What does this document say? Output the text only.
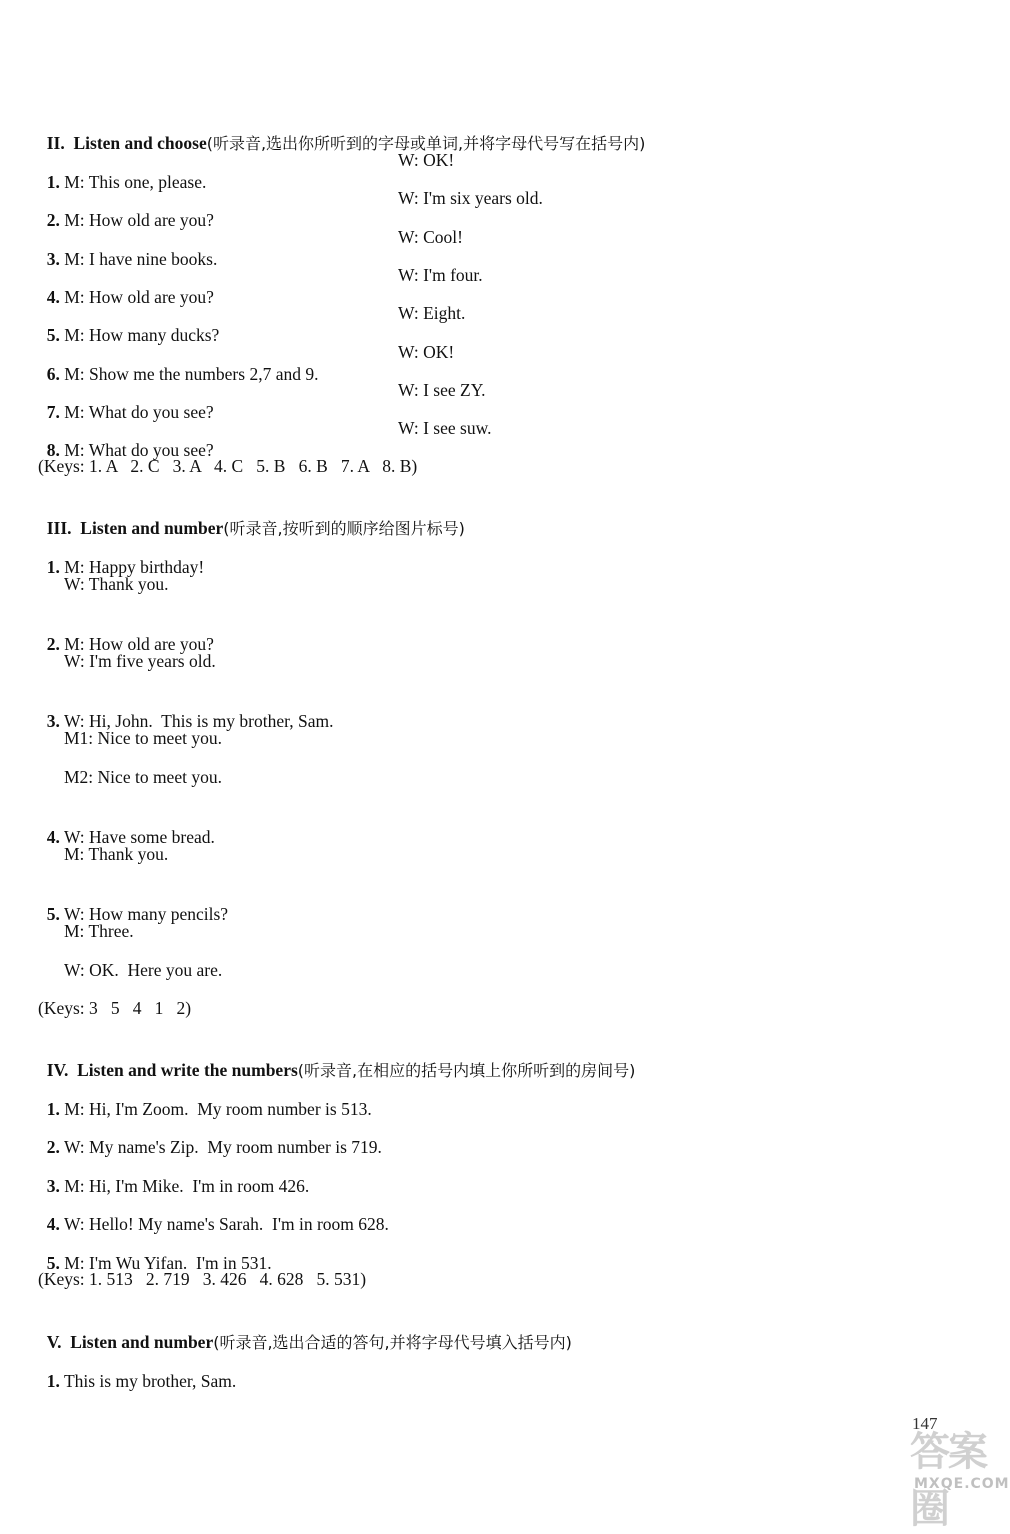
II.  Listen and choose(听录音,选出你所听到的字母或单词,并将字母代号写在括号内)

1. M: This one, please.

W: OK!

2. M: How old are you?

W: I'm six years old.

3. M: I have nine books.

W: Cool!

4. M: How old are you?

W: I'm four.

5. M: How many ducks?

W: Eight.

6. M: Show me the numbers 2,7 and 9.

W: OK!

7. M: What do you see?

W: I see ZY.

8. M: What do you see?

W: I see suw.
(Keys: 1. A   2. C   3. A   4. C   5. B   6. B   7. A   8. B)

III.  Listen and number(听录音,按听到的顺序给图片标号)

1. M: Happy birthday!

W: Thank you.

2. M: How old are you?

W: I'm five years old.

3. W: Hi, John.  This is my brother, Sam.

M1: Nice to meet you.
M2: Nice to meet you.

4. W: Have some bread.

M: Thank you.

5. W: How many pencils?

M: Three.
W: OK.  Here you are.
(Keys: 3   5   4   1   2)

IV.  Listen and write the numbers(听录音,在相应的括号内填上你所听到的房间号)

1. M: Hi, I'm Zoom.  My room number is 513.

2. W: My name's Zip.  My room number is 719.

3. M: Hi, I'm Mike.  I'm in room 426.

4. W: Hello! My name's Sarah.  I'm in room 628.

5. M: I'm Wu Yifan.  I'm in 531.

(Keys: 1. 513   2. 719   3. 426   4. 628   5. 531)

V.  Listen and number(听录音,选出合适的答句,并将字母代号填入括号内)

1. This is my brother, Sam.

147
答案圈
MXQE.COM
